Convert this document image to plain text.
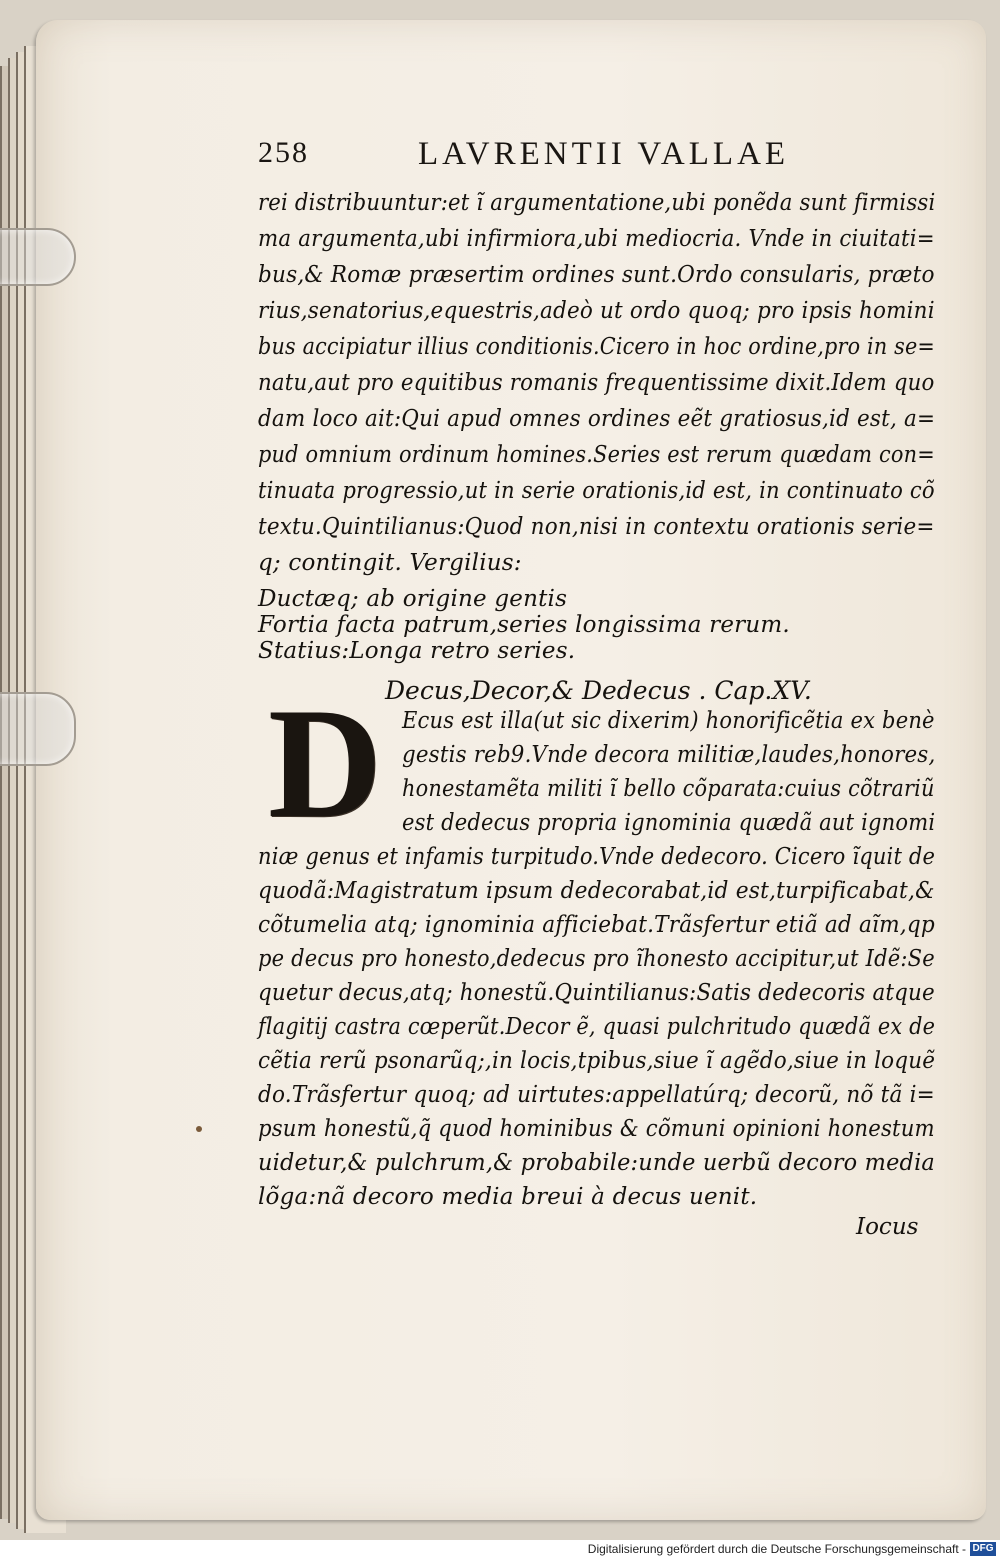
258	LAVRENTII VALLAE
rei distribuuntur:et ĩ argumentatione,ubi ponẽda sunt firmissi
ma argumenta,ubi infirmiora,ubi mediocria. Vnde in ciuitati=
bus,& Romæ præsertim ordines sunt.Ordo consularis, præto
rius,senatorius,equestris,adeò ut ordo quoq; pro ipsis homini
bus accipiatur illius conditionis.Cicero in hoc ordine,pro in se=
natu,aut pro equitibus romanis frequentissime dixit.Idem quo
dam loco ait:Qui apud omnes ordines eẽt gratiosus,id est, a=
pud omnium ordinum homines.Series est rerum quædam con=
tinuata progressio,ut in serie orationis,id est, in continuato cõ
textu.Quintilianus:Quod non,nisi in contextu orationis serie=
q; contingit. Vergilius:
Ductæq; ab origine gentis
Fortia facta patrum,series longissima rerum.
Statius:Longa retro series.
Decus,Decor,& Dedecus . Cap.XV.
D Ecus est illa(ut sic dixerim) honorificẽtia ex benè
gestis reb9.Vnde decora militiæ,laudes,honores,
honestamẽta militi ĩ bello cõparata:cuius cõtrariũ
est dedecus propria ignominia quædã aut ignomi
niæ genus et infamis turpitudo.Vnde dedecoro. Cicero ĩquit de
quodã:Magistratum ipsum dedecorabat,id est,turpificabat,&
cõtumelia atq; ignominia afficiebat.Trãsfertur etiã ad aĩm,qp
pe decus pro honesto,dedecus pro ĩhonesto accipitur,ut Idẽ:Se
quetur decus,atq; honestũ.Quintilianus:Satis dedecoris atque
flagitij castra cœperũt.Decor ẽ, quasi pulchritudo quædã ex de
cẽtia rerũ psonarũq;,in locis,tpibus,siue ĩ agẽdo,siue in loquẽ
do.Trãsfertur quoq; ad uirtutes:appellatúrq; decorũ, nõ tã i=
psum honestũ,q̃ quod hominibus & cõmuni opinioni honestum
uidetur,& pulchrum,& probabile:unde uerbũ decoro media
lõga:nã decoro media breui à decus uenit.
Iocus
Digitalisierung gefördert durch die Deutsche Forschungsgemeinschaft - DFG
